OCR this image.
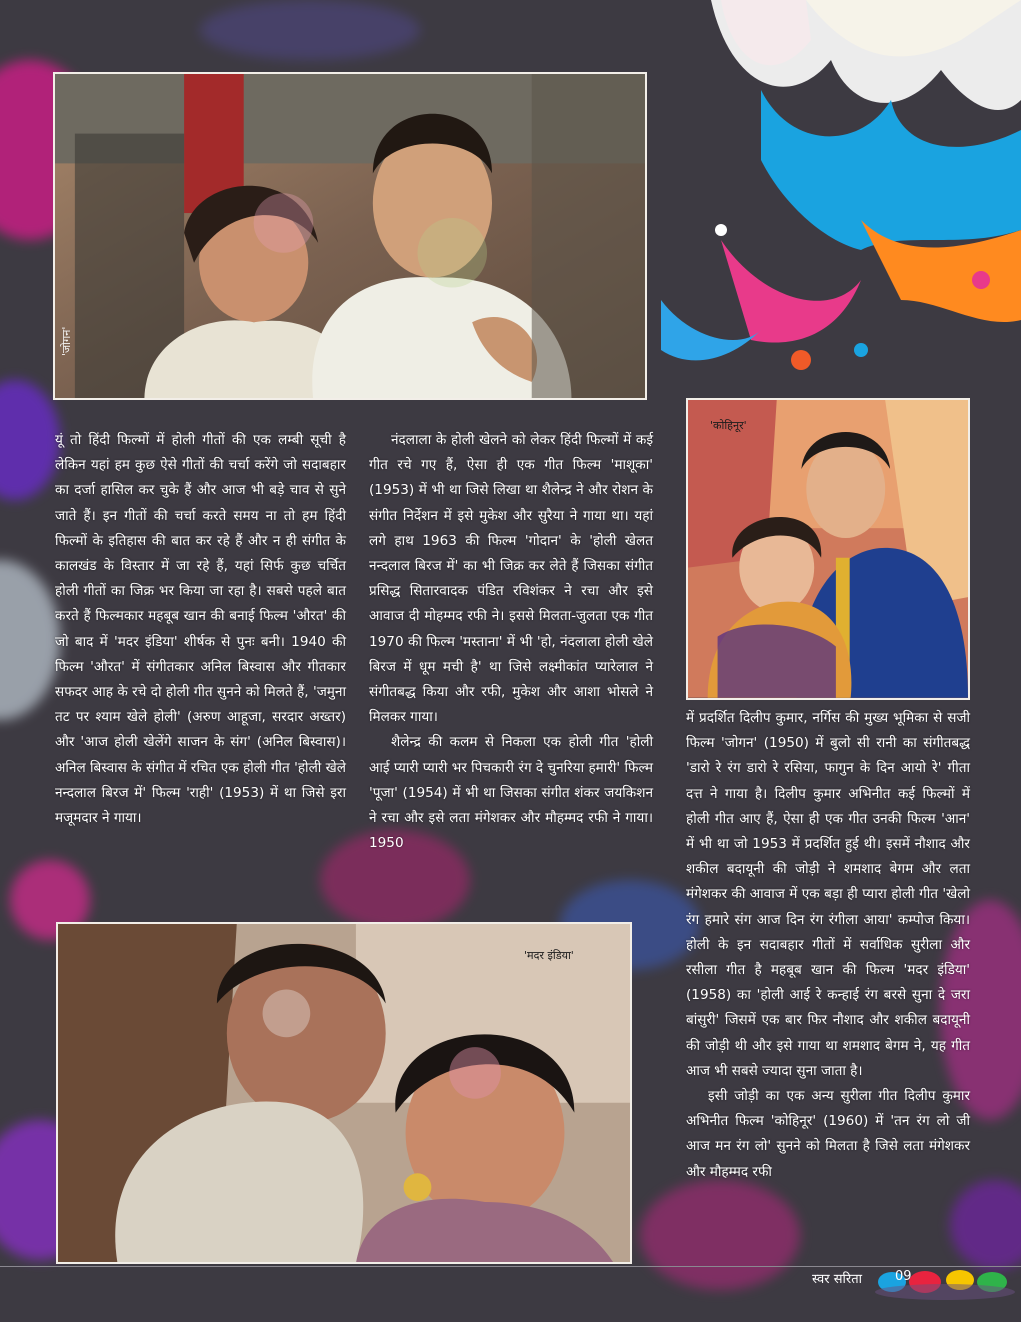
'जोगन'
'कोहिनूर'
'मदर इंडिया'

यूं तो हिंदी फिल्मों में होली गीतों की एक लम्बी सूची है लेकिन यहां हम कुछ ऐसे गीतों की चर्चा करेंगे जो सदाबहार का दर्जा हासिल कर चुके हैं और आज भी बड़े चाव से सुने जाते हैं। इन गीतों की चर्चा करते समय ना तो हम हिंदी फिल्मों के इतिहास की बात कर रहे हैं और न ही संगीत के कालखंड के विस्तार में जा रहे हैं, यहां सिर्फ कुछ चर्चित होली गीतों का जिक्र भर किया जा रहा है। सबसे पहले बात करते हैं फिल्मकार महबूब खान की बनाई फिल्म 'औरत' की जो बाद में 'मदर इंडिया' शीर्षक से पुनः बनी। 1940 की फिल्म 'औरत' में संगीतकार अनिल बिस्वास और गीतकार सफदर आह के रचे दो होली गीत सुनने को मिलते हैं, 'जमुना तट पर श्याम खेले होली' (अरुण आहूजा, सरदार अख्तर) और 'आज होली खेलेंगे साजन के संग' (अनिल बिस्वास)। अनिल बिस्वास के संगीत में रचित एक होली गीत 'होली खेले नन्दलाल बिरज में' फिल्म 'राही' (1953) में था जिसे इरा मजूमदार ने गाया।

नंदलाला के होली खेलने को लेकर हिंदी फिल्मों में कई गीत रचे गए हैं, ऐसा ही एक गीत फिल्म 'माशूका' (1953) में भी था जिसे लिखा था शैलेन्द्र ने और रोशन के संगीत निर्देशन में इसे मुकेश और सुरैया ने गाया था। यहां लगे हाथ 1963 की फिल्म 'गोदान' के 'होली खेलत नन्दलाल बिरज में' का भी जिक्र कर लेते हैं जिसका संगीत प्रसिद्ध सितारवादक पंडित रविशंकर ने रचा और इसे आवाज दी मोहम्मद रफी ने। इससे मिलता-जुलता एक गीत 1970 की फिल्म 'मस्ताना' में भी 'हो, नंदलाला होली खेले बिरज में धूम मची है' था जिसे लक्ष्मीकांत प्यारेलाल ने संगीतबद्ध किया और रफी, मुकेश और आशा भोसले ने मिलकर गाया।

शैलेन्द्र की कलम से निकला एक होली गीत 'होली आई प्यारी प्यारी भर पिचकारी रंग दे चुनरिया हमारी' फिल्म 'पूजा' (1954) में भी था जिसका संगीत शंकर जयकिशन ने रचा और इसे लता मंगेशकर और मौहम्मद रफी ने गाया। 1950

में प्रदर्शित दिलीप कुमार, नर्गिस की मुख्य भूमिका से सजी फिल्म 'जोगन' (1950) में बुलो सी रानी का संगीतबद्ध 'डारो रे रंग डारो रे रसिया, फागुन के दिन आयो रे' गीता दत्त ने गाया है। दिलीप कुमार अभिनीत कई फिल्मों में होली गीत आए हैं, ऐसा ही एक गीत उनकी फिल्म 'आन' में भी था जो 1953 में प्रदर्शित हुई थी। इसमें नौशाद और शकील बदायूनी की जोड़ी ने शमशाद बेगम और लता मंगेशकर की आवाज में एक बड़ा ही प्यारा होली गीत 'खेलो रंग हमारे संग आज दिन रंग रंगीला आया' कम्पोज किया। होली के इन सदाबहार गीतों में सर्वाधिक सुरीला और रसीला गीत है महबूब खान की फिल्म 'मदर इंडिया' (1958) का 'होली आई रे कन्हाई रंग बरसे सुना दे जरा बांसुरी' जिसमें एक बार फिर नौशाद और शकील बदायूनी की जोड़ी थी और इसे गाया था शमशाद बेगम ने, यह गीत आज भी सबसे ज्यादा सुना जाता है।

इसी जोड़ी का एक अन्य सुरीला गीत दिलीप कुमार अभिनीत फिल्म 'कोहिनूर' (1960) में 'तन रंग लो जी आज मन रंग लो' सुनने को मिलता है जिसे लता मंगेशकर और मौहम्मद रफी

स्वर सरिता	09
